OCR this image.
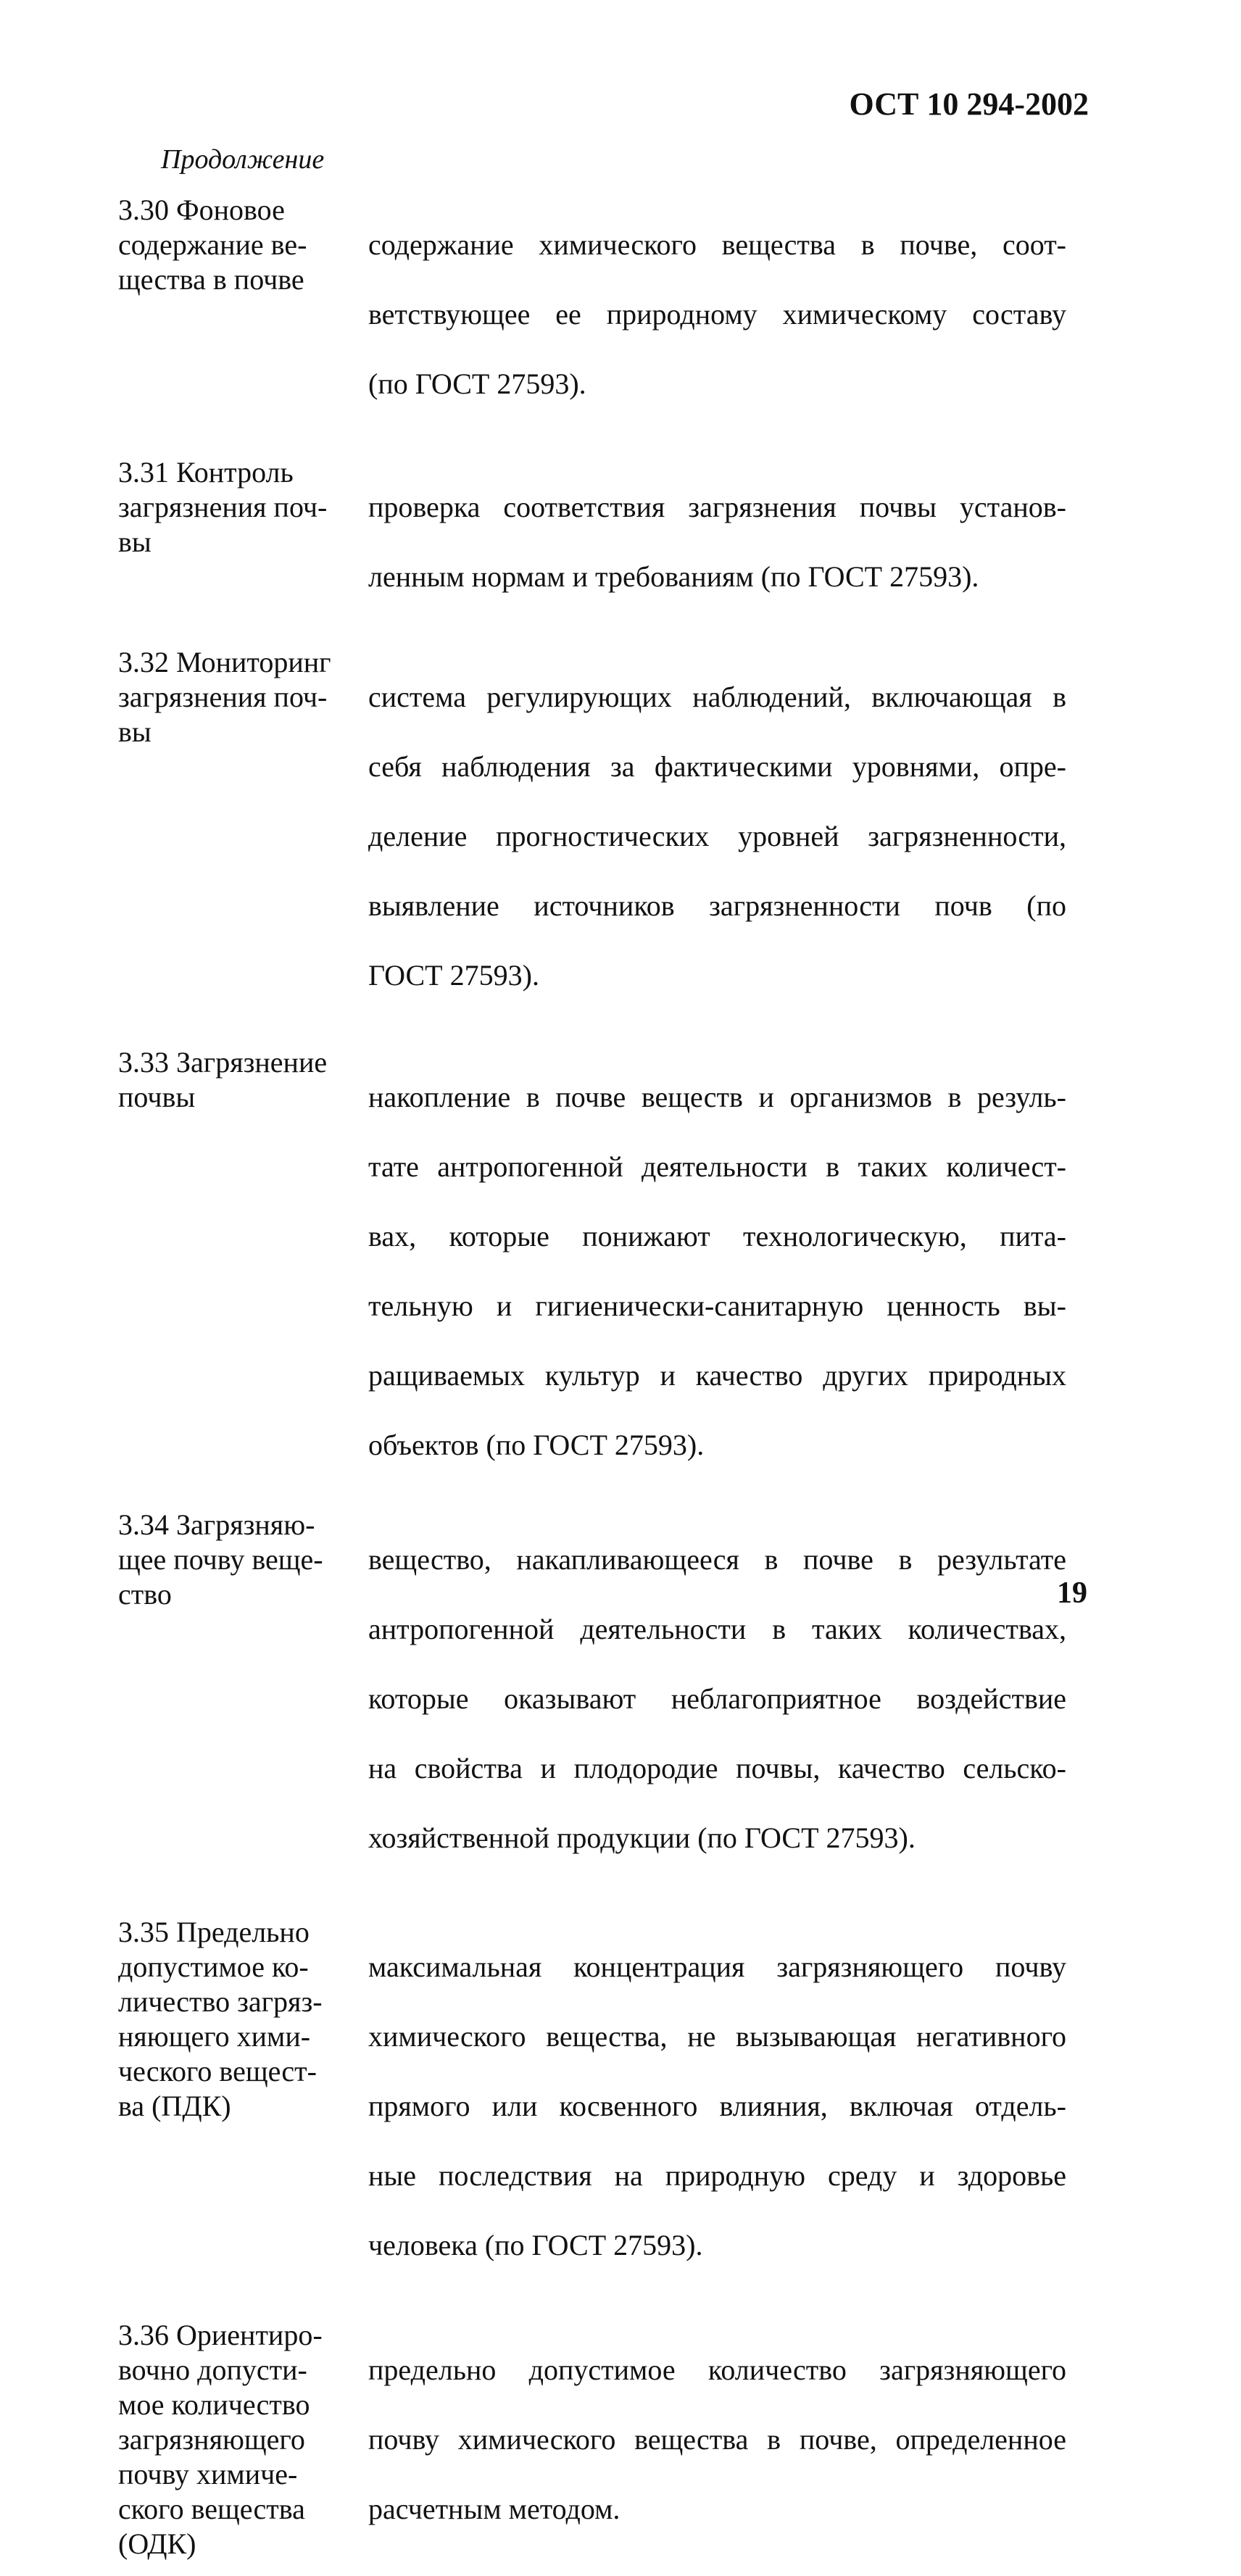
ОСТ 10 294-2002
Продолжение
3.30 Фоновое
содержание ве-
щества в почве

содержание химического вещества в почве, соот-

ветствующее ее природному химическому составу

(по ГОСТ 27593).

3.31 Контроль
загрязнения поч-
вы

проверка соответствия загрязнения почвы установ-

ленным нормам и требованиям (по ГОСТ 27593).

3.32 Мониторинг
загрязнения поч-
вы

система регулирующих наблюдений, включающая в

себя наблюдения за фактическими уровнями, опре-

деление прогностических уровней загрязненности,

выявление источников загрязненности почв (по

ГОСТ 27593).

3.33 Загрязнение
почвы	накопление в почве веществ и организмов в резуль-

тате антропогенной деятельности в таких количест-

вах, которые понижают технологическую, пита-

тельную и гигиенически-санитарную ценность вы-

ращиваемых культур и качество других природных

объектов (по ГОСТ 27593).

3.34 Загрязняю-
щее почву веще-
ство

вещество, накапливающееся в почве в результате

антропогенной деятельности в таких количествах,

которые оказывают неблагоприятное воздействие

на свойства и плодородие почвы, качество сельско-

хозяйственной продукции (по ГОСТ 27593).

3.35 Предельно
допустимое ко-
личество загряз-
няющего хими-
ческого вещест-
ва (ПДК)

максимальная концентрация загрязняющего почву

химического вещества, не вызывающая негативного

прямого или косвенного влияния, включая отдель-

ные последствия на природную среду и здоровье

человека (по ГОСТ 27593).

3.36 Ориентиро-
вочно допусти-
мое количество
загрязняющего
почву химиче-
ского вещества
(ОДК)

предельно допустимое количество загрязняющего

почву химического вещества в почве, определенное

расчетным методом.

19
